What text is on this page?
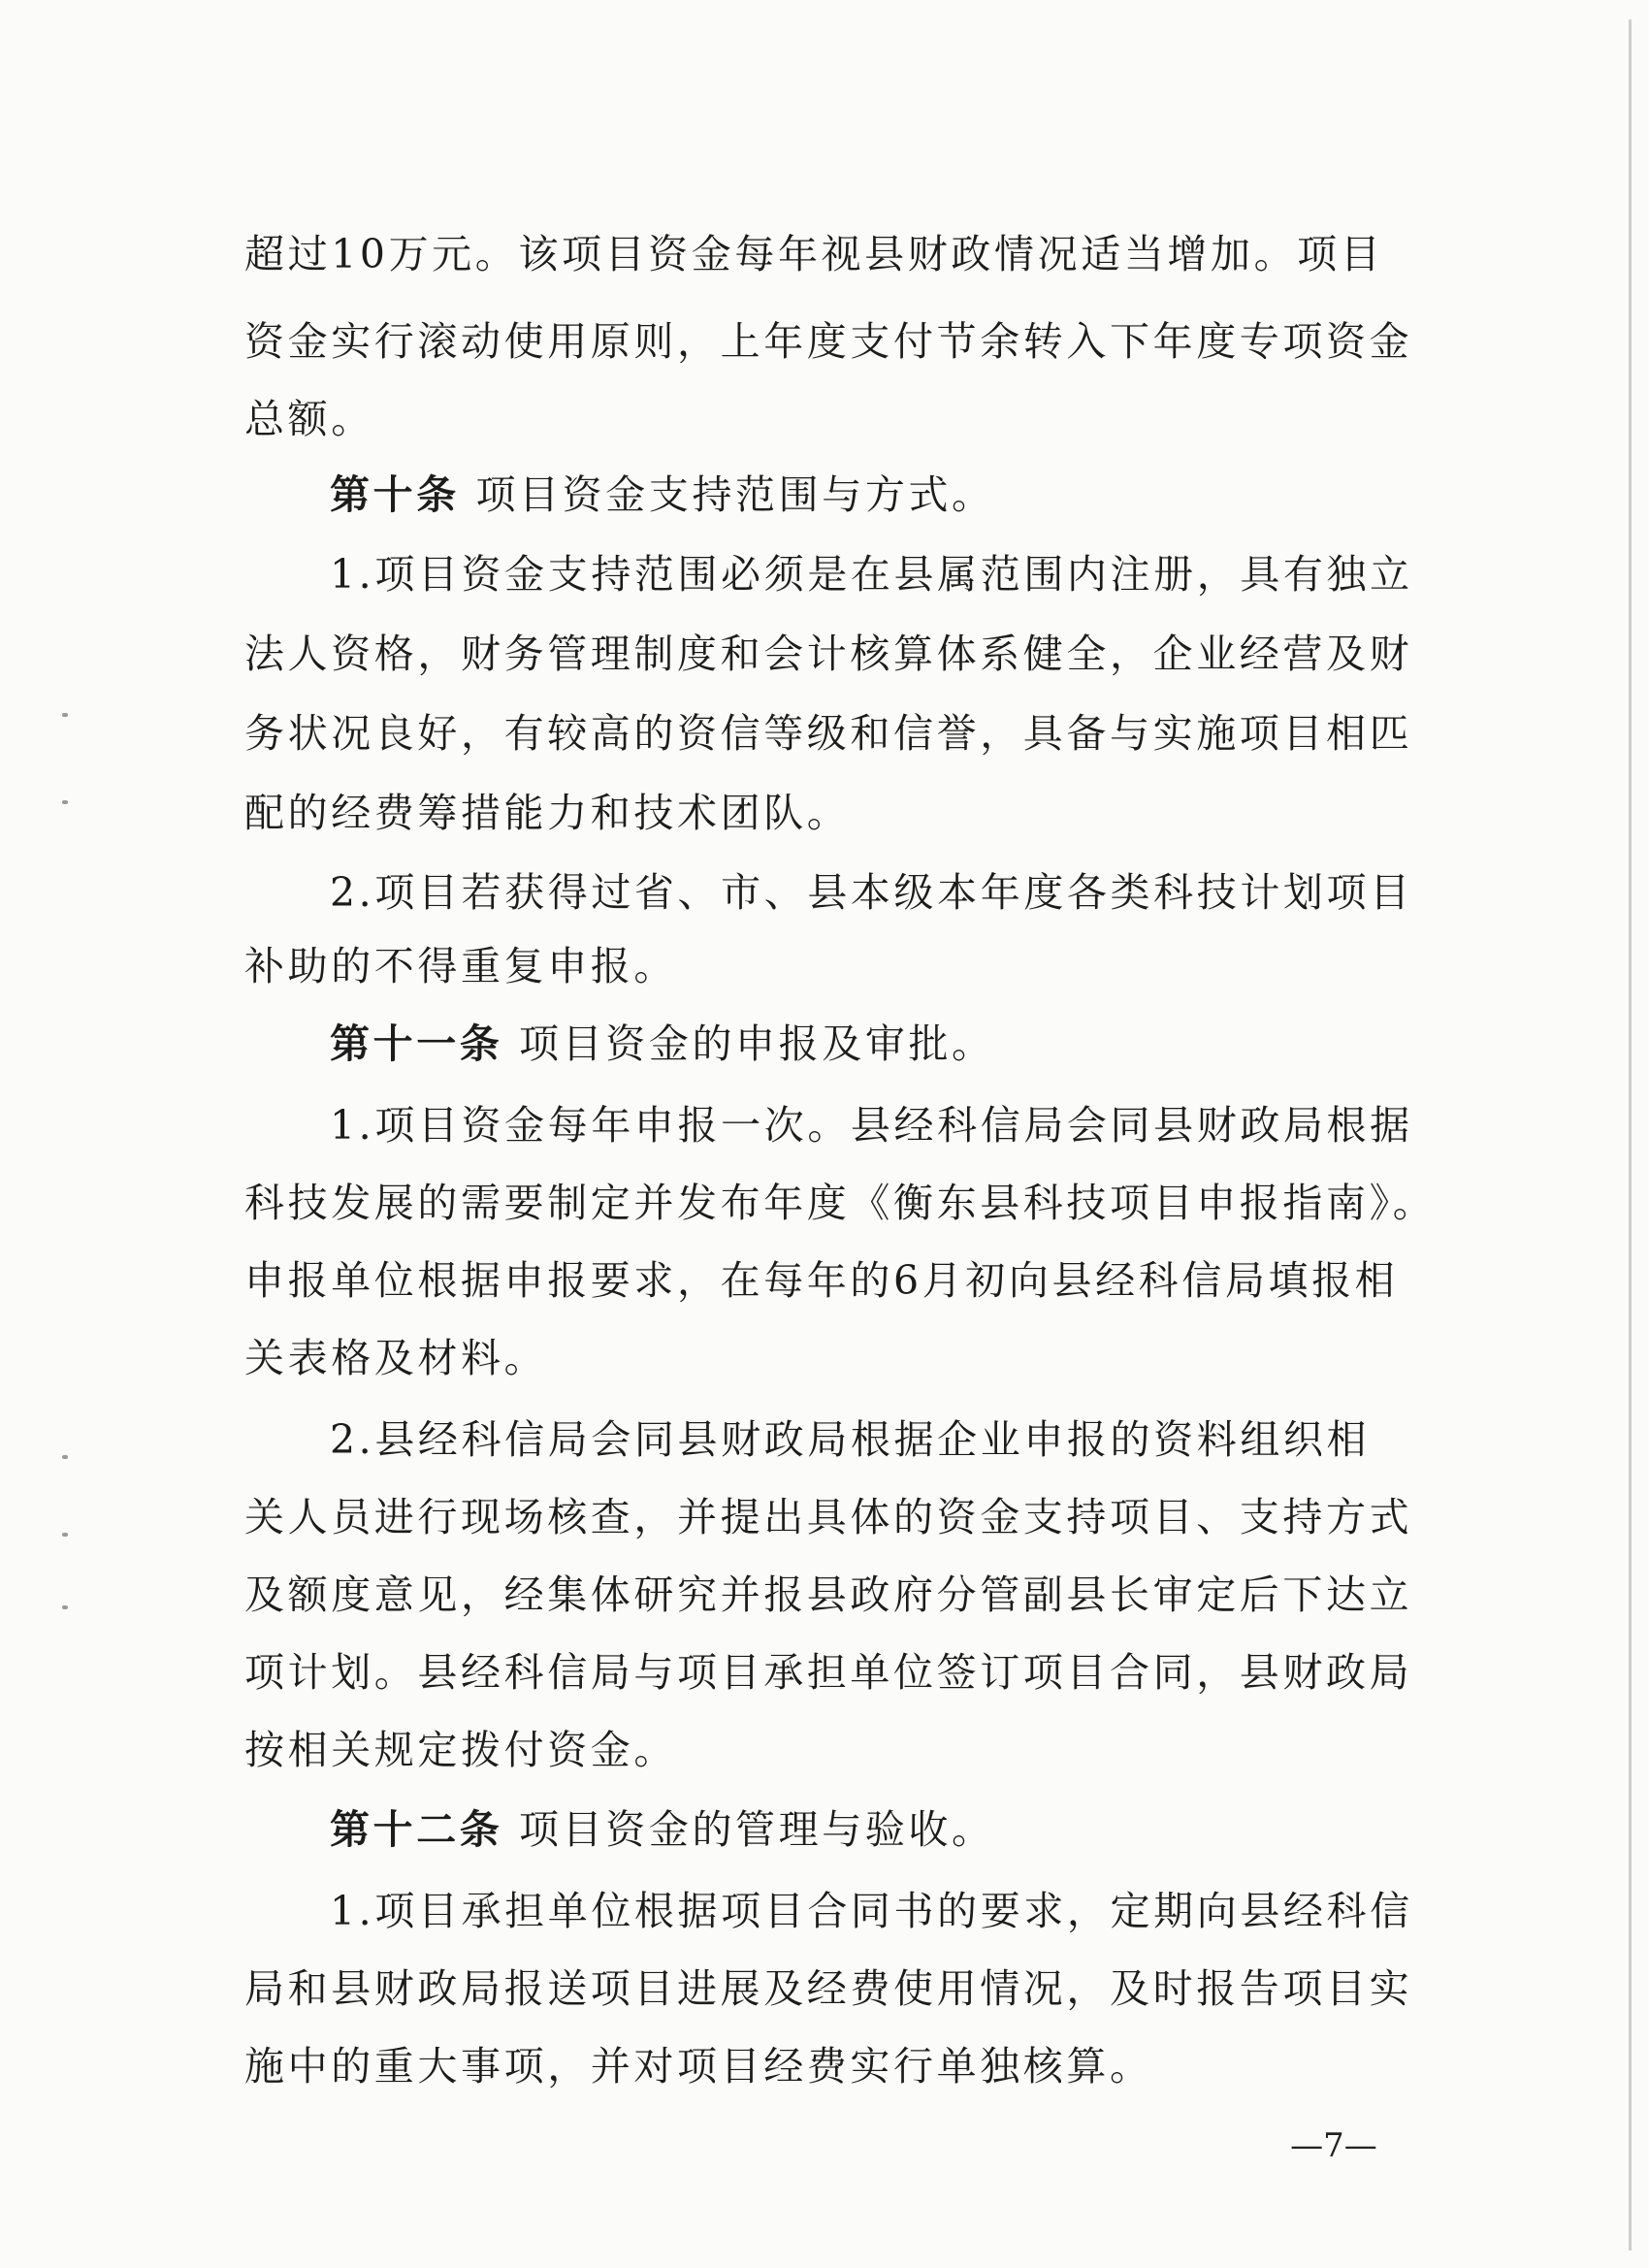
超过10万元。该项目资金每年视县财政情况适当增加。项目
资金实行滚动使用原则，上年度支付节余转入下年度专项资金
总额。
第十条 项目资金支持范围与方式。
1.项目资金支持范围必须是在县属范围内注册，具有独立
法人资格，财务管理制度和会计核算体系健全，企业经营及财
务状况良好，有较高的资信等级和信誉，具备与实施项目相匹
配的经费筹措能力和技术团队。
2.项目若获得过省、市、县本级本年度各类科技计划项目
补助的不得重复申报。
第十一条 项目资金的申报及审批。
1.项目资金每年申报一次。县经科信局会同县财政局根据
科技发展的需要制定并发布年度《衡东县科技项目申报指南》。
申报单位根据申报要求，在每年的6月初向县经科信局填报相
关表格及材料。
2.县经科信局会同县财政局根据企业申报的资料组织相
关人员进行现场核查，并提出具体的资金支持项目、支持方式
及额度意见，经集体研究并报县政府分管副县长审定后下达立
项计划。县经科信局与项目承担单位签订项目合同，县财政局
按相关规定拨付资金。
第十二条 项目资金的管理与验收。
1.项目承担单位根据项目合同书的要求，定期向县经科信
局和县财政局报送项目进展及经费使用情况，及时报告项目实
施中的重大事项，并对项目经费实行单独核算。
—7—
